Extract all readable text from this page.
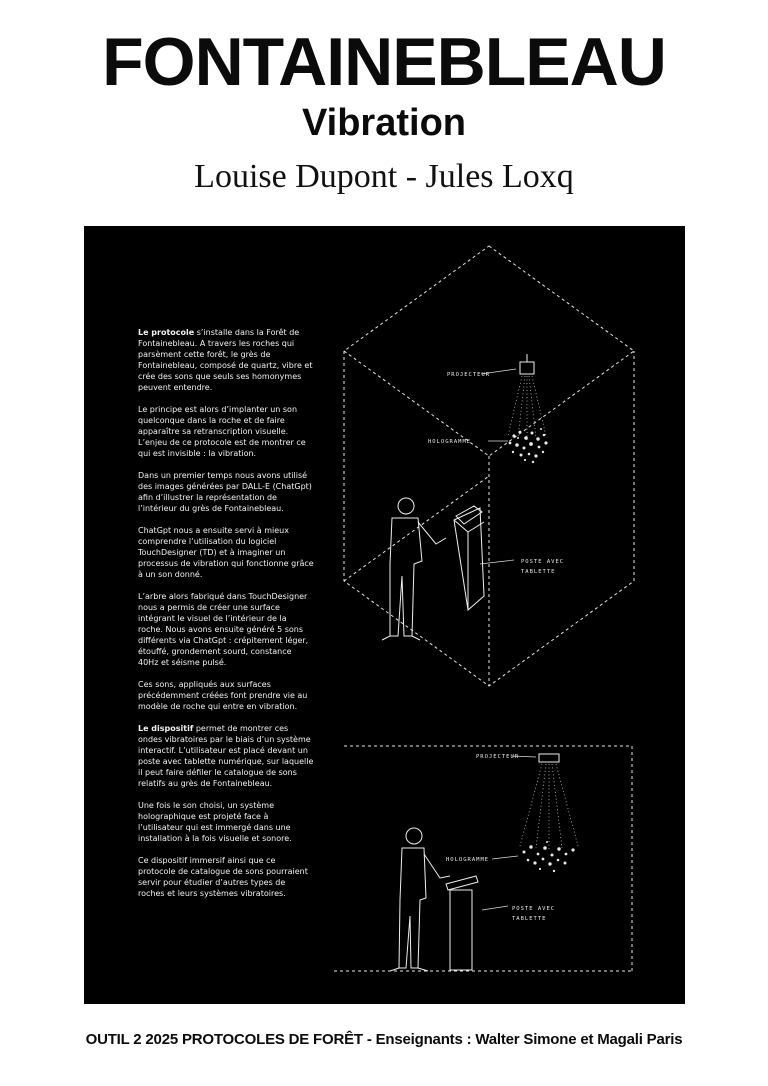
FONTAINEBLEAU
Vibration
Louise Dupont - Jules Loxq

Le protocole s’installe dans la Forêt de Fontainebleau. A travers les roches qui parsèment cette forêt, le grès de Fontainebleau, composé de quartz, vibre et crée des sons que seuls ses homonymes peuvent entendre.

Le principe est alors d’implanter un son quelconque dans la roche et de faire apparaître sa retranscription visuelle. L’enjeu de ce protocole est de montrer ce qui est invisible : la vibration.

Dans un premier temps nous avons utilisé des images générées par DALL-E (ChatGpt) afin d’illustrer la représentation de l’intérieur du grès de Fontainebleau.

ChatGpt nous a ensuite servi à mieux comprendre l’utilisation du logiciel TouchDesigner (TD) et à imaginer un processus de vibration qui fonctionne grâce à un son donné.

L’arbre alors fabriqué dans TouchDesigner nous a permis de créer une surface intégrant le visuel de l’intérieur de la roche. Nous avons ensuite généré 5 sons différents via ChatGpt : crépitement léger, étouffé, grondement sourd, constance 40Hz et séisme pulsé.

Ces sons, appliqués aux surfaces précédemment créées font prendre vie au modèle de roche qui entre en vibration.

Le dispositif permet de montrer ces ondes vibratoires par le biais d’un système interactif. L’utilisateur est placé devant un poste avec tablette numérique, sur laquelle il peut faire défiler le catalogue de sons relatifs au grès de Fontainebleau.

Une fois le son choisi, un système holographique est projeté face à l’utilisateur qui est immergé dans une installation à la fois visuelle et sonore.

Ce dispositif immersif ainsi que ce protocole de catalogue de sons pourraient servir pour étudier d’autres types de roches et leurs systèmes vibratoires.

PROJECTEUR
HOLOGRAMME
POSTE AVEC
TABLETTE
PROJECTEUR
HOLOGRAMME
POSTE AVEC
TABLETTE
OUTIL 2 2025 PROTOCOLES DE FORÊT - Enseignants : Walter Simone et Magali Paris
